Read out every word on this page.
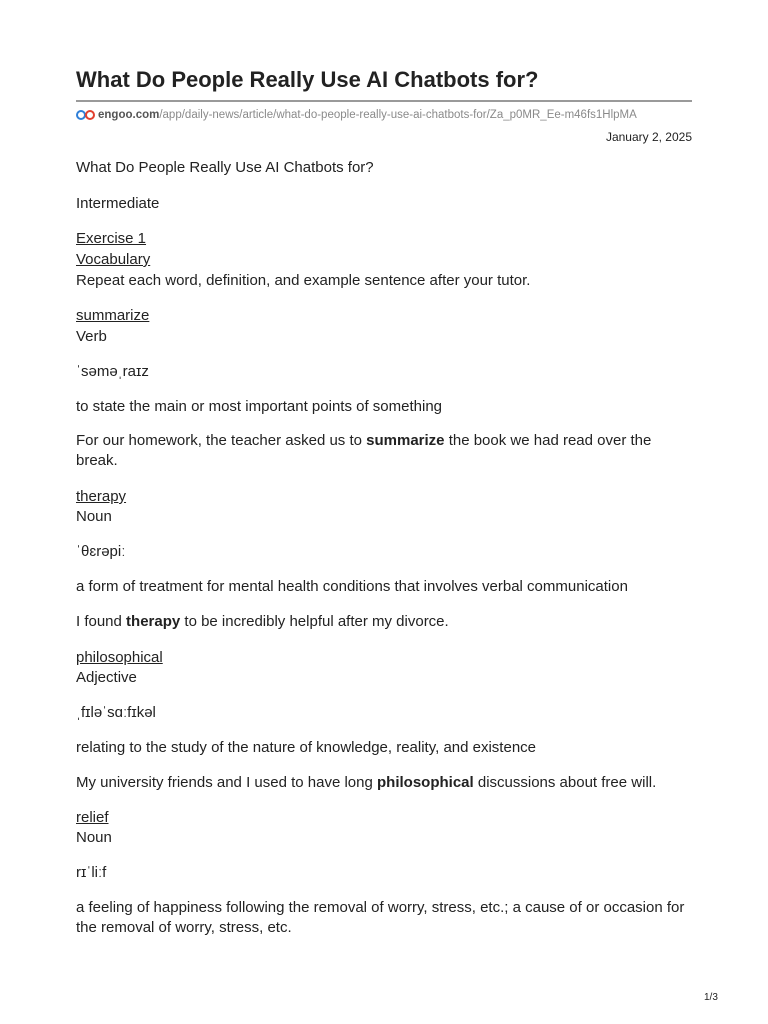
What Do People Really Use AI Chatbots for?
engoo.com /app/daily-news/article/what-do-people-really-use-ai-chatbots-for/Za_p0MR_Ee-m46fs1HlpMA
January 2, 2025

What Do People Really Use AI Chatbots for?

Intermediate

Exercise 1

Vocabulary

Repeat each word, definition, and example sentence after your tutor.

summarize

Verb

ˈsəməˌraɪz

to state the main or most important points of something

For our homework, the teacher asked us to summarize the book we had read over the break.

therapy

Noun

ˈθɛrəpiː

a form of treatment for mental health conditions that involves verbal communication

I found therapy to be incredibly helpful after my divorce.

philosophical

Adjective

ˌfɪləˈsɑːfɪkəl

relating to the study of the nature of knowledge, reality, and existence

My university friends and I used to have long philosophical discussions about free will.

relief

Noun

rɪˈliːf

a feeling of happiness following the removal of worry, stress, etc.; a cause of or occasion for the removal of worry, stress, etc.

1/3
